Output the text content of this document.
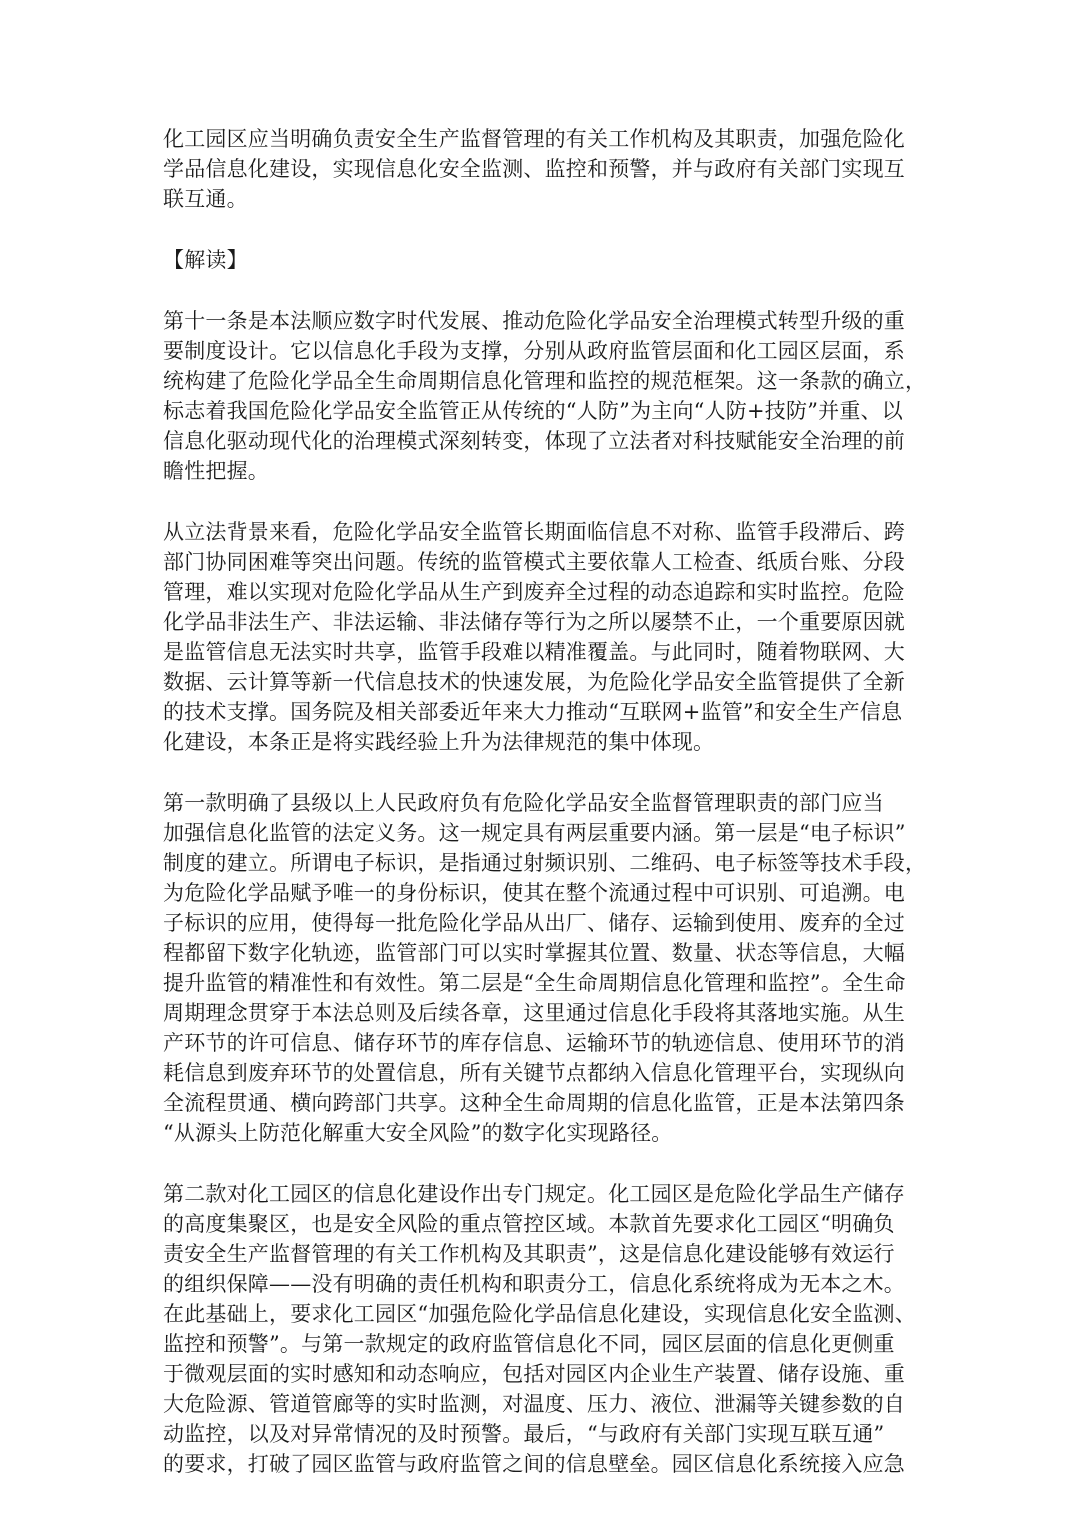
化工园区应当明确负责安全生产监督管理的有关工作机构及其职责，加强危险化
学品信息化建设，实现信息化安全监测、监控和预警，并与政府有关部门实现互
联互通。
【解读】
第十一条是本法顺应数字时代发展、推动危险化学品安全治理模式转型升级的重
要制度设计。它以信息化手段为支撑，分别从政府监管层面和化工园区层面，系
统构建了危险化学品全生命周期信息化管理和监控的规范框架。这一条款的确立，
标志着我国危险化学品安全监管正从传统的“人防”为主向“人防+技防”并重、以
信息化驱动现代化的治理模式深刻转变，体现了立法者对科技赋能安全治理的前
瞻性把握。
从立法背景来看，危险化学品安全监管长期面临信息不对称、监管手段滞后、跨
部门协同困难等突出问题。传统的监管模式主要依靠人工检查、纸质台账、分段
管理，难以实现对危险化学品从生产到废弃全过程的动态追踪和实时监控。危险
化学品非法生产、非法运输、非法储存等行为之所以屡禁不止，一个重要原因就
是监管信息无法实时共享，监管手段难以精准覆盖。与此同时，随着物联网、大
数据、云计算等新一代信息技术的快速发展，为危险化学品安全监管提供了全新
的技术支撑。国务院及相关部委近年来大力推动“互联网+监管”和安全生产信息
化建设，本条正是将实践经验上升为法律规范的集中体现。
第一款明确了县级以上人民政府负有危险化学品安全监督管理职责的部门应当
加强信息化监管的法定义务。这一规定具有两层重要内涵。第一层是“电子标识”
制度的建立。所谓电子标识，是指通过射频识别、二维码、电子标签等技术手段，
为危险化学品赋予唯一的身份标识，使其在整个流通过程中可识别、可追溯。电
子标识的应用，使得每一批危险化学品从出厂、储存、运输到使用、废弃的全过
程都留下数字化轨迹，监管部门可以实时掌握其位置、数量、状态等信息，大幅
提升监管的精准性和有效性。第二层是“全生命周期信息化管理和监控”。全生命
周期理念贯穿于本法总则及后续各章，这里通过信息化手段将其落地实施。从生
产环节的许可信息、储存环节的库存信息、运输环节的轨迹信息、使用环节的消
耗信息到废弃环节的处置信息，所有关键节点都纳入信息化管理平台，实现纵向
全流程贯通、横向跨部门共享。这种全生命周期的信息化监管，正是本法第四条
“从源头上防范化解重大安全风险”的数字化实现路径。
第二款对化工园区的信息化建设作出专门规定。化工园区是危险化学品生产储存
的高度集聚区，也是安全风险的重点管控区域。本款首先要求化工园区“明确负
责安全生产监督管理的有关工作机构及其职责”，这是信息化建设能够有效运行
的组织保障——没有明确的责任机构和职责分工，信息化系统将成为无本之木。
在此基础上，要求化工园区“加强危险化学品信息化建设，实现信息化安全监测、
监控和预警”。与第一款规定的政府监管信息化不同，园区层面的信息化更侧重
于微观层面的实时感知和动态响应，包括对园区内企业生产装置、储存设施、重
大危险源、管道管廊等的实时监测，对温度、压力、液位、泄漏等关键参数的自
动监控，以及对异常情况的及时预警。最后，“与政府有关部门实现互联互通”
的要求，打破了园区监管与政府监管之间的信息壁垒。园区信息化系统接入应急
